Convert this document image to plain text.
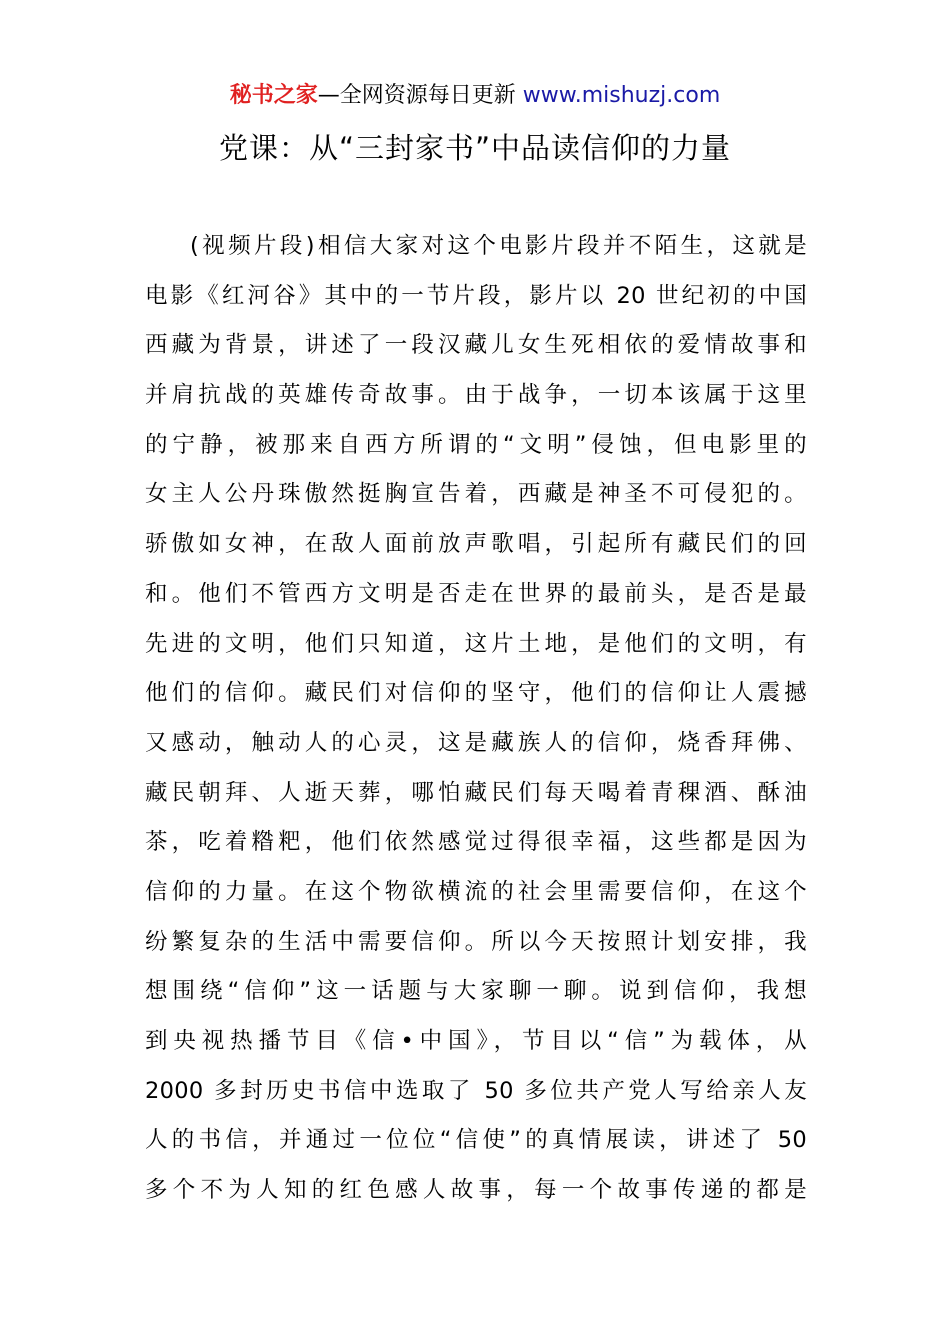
秘书之家—全网资源每日更新 www.mishuzj.com
党课：从“三封家书”中品读信仰的力量
(视频片段)相信大家对这个电影片段并不陌生，这就是
电影《红河谷》其中的一节片段，影片以 20 世纪初的中国
西藏为背景，讲述了一段汉藏儿女生死相依的爱情故事和
并肩抗战的英雄传奇故事。由于战争，一切本该属于这里
的宁静，被那来自西方所谓的“文明”侵蚀，但电影里的
女主人公丹珠傲然挺胸宣告着，西藏是神圣不可侵犯的。
骄傲如女神，在敌人面前放声歌唱，引起所有藏民们的回
和。他们不管西方文明是否走在世界的最前头，是否是最
先进的文明，他们只知道，这片土地，是他们的文明，有
他们的信仰。藏民们对信仰的坚守，他们的信仰让人震撼
又感动，触动人的心灵，这是藏族人的信仰，烧香拜佛、
藏民朝拜、人逝天葬，哪怕藏民们每天喝着青稞酒、酥油
茶，吃着糌粑，他们依然感觉过得很幸福，这些都是因为
信仰的力量。在这个物欲横流的社会里需要信仰，在这个
纷繁复杂的生活中需要信仰。所以今天按照计划安排，我
想围绕“信仰”这一话题与大家聊一聊。说到信仰，我想
到央视热播节目《信•中国》，节目以“信”为载体，从
2000 多封历史书信中选取了 50 多位共产党人写给亲人友
人的书信，并通过一位位“信使”的真情展读，讲述了 50
多个不为人知的红色感人故事，每一个故事传递的都是
